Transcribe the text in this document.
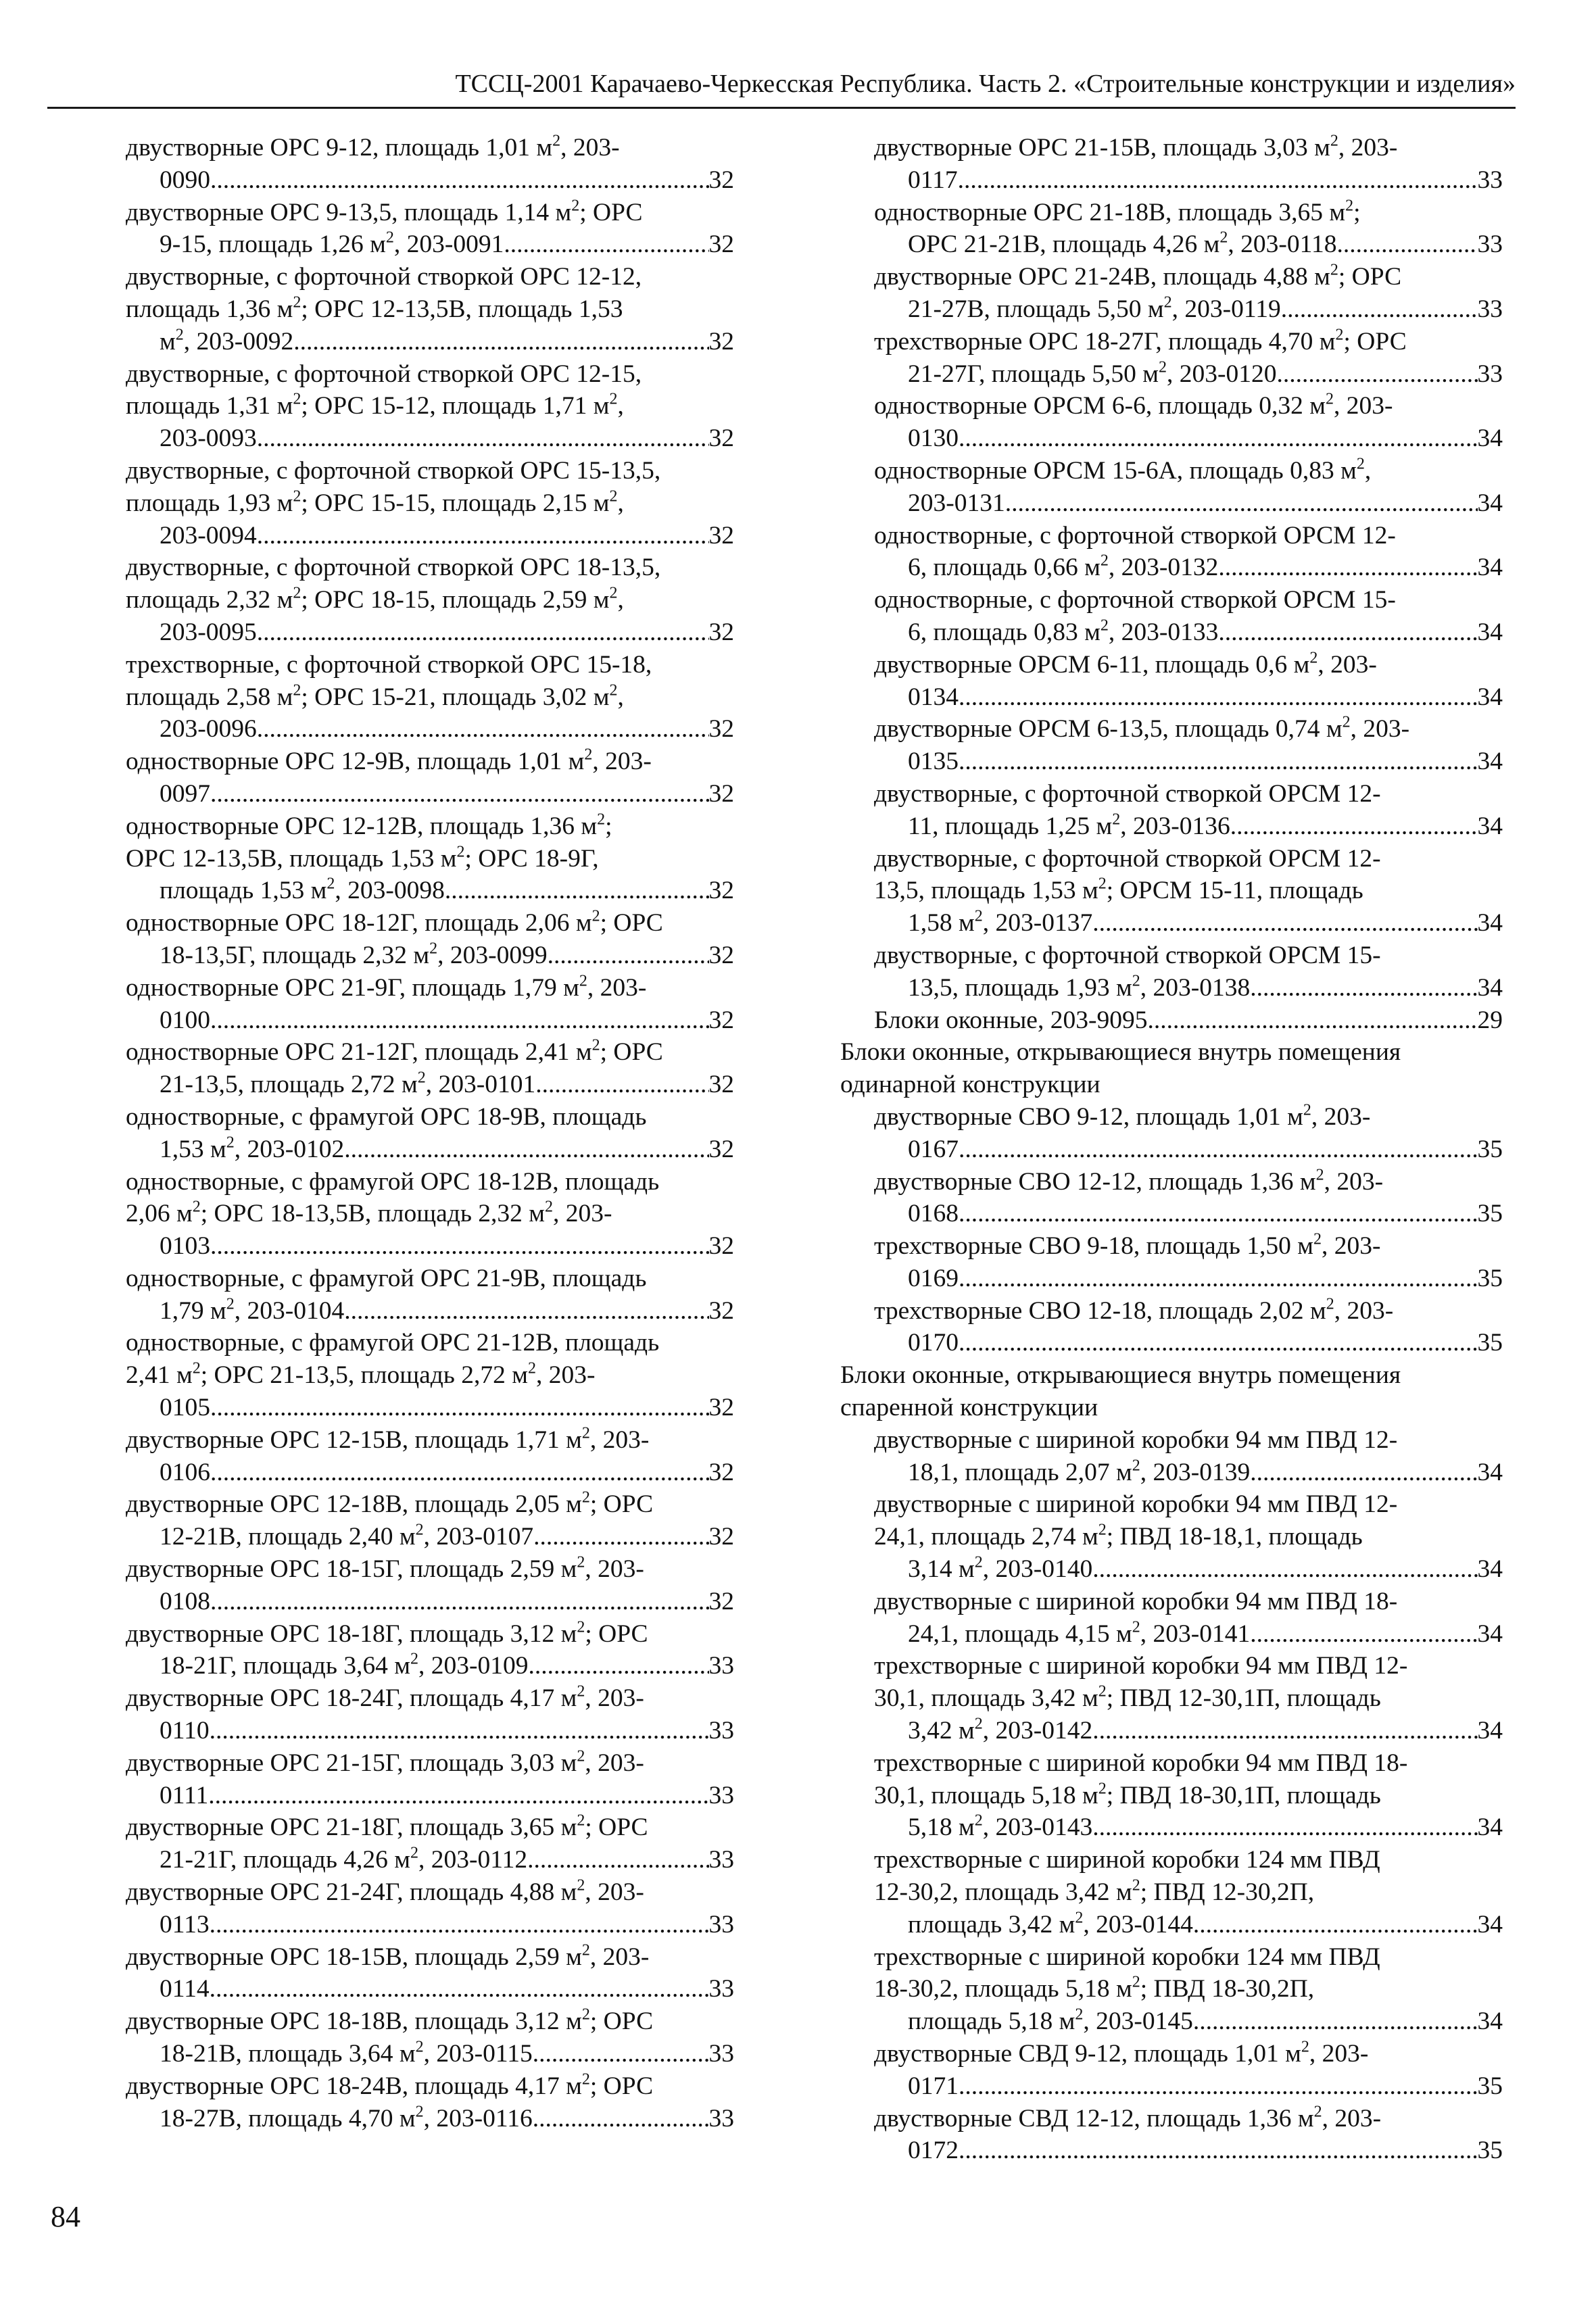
ТССЦ-2001 Карачаево-Черкесская Республика. Часть 2. «Строительные конструкции и изделия»
двустворные ОРС 9-12, площадь 1,01 $м^2$, 203-
0090 .....	32
двустворные ОРС 9-13,5, площадь 1,14 $м^2$; ОРС
9-15, площадь 1,26 $м^2$, 203-0091 .....	32
двустворные, с форточной створкой ОРС 12-12,
площадь 1,36 $м^2$; ОРС 12-13,5В, площадь 1,53
$м^2$, 203-0092 .....	32
двустворные, с форточной створкой ОРС 12-15,
площадь 1,31 $м^2$; ОРС 15-12, площадь 1,71 $м^2$,
203-0093 .....	32
двустворные, с форточной створкой ОРС 15-13,5,
площадь 1,93 $м^2$; ОРС 15-15, площадь 2,15 $м^2$,
203-0094 .....	32
двустворные, с форточной створкой ОРС 18-13,5,
площадь 2,32 $м^2$; ОРС 18-15, площадь 2,59 $м^2$,
203-0095 .....	32
трехстворные, с форточной створкой ОРС 15-18,
площадь 2,58 $м^2$; ОРС 15-21, площадь 3,02 $м^2$,
203-0096 .....	32
одностворные ОРС 12-9В, площадь 1,01 $м^2$, 203-
0097 .....	32
одностворные ОРС 12-12В, площадь 1,36 $м^2$;
ОРС 12-13,5В, площадь 1,53 $м^2$; ОРС 18-9Г,
площадь 1,53 $м^2$, 203-0098 .....	32
одностворные ОРС 18-12Г, площадь 2,06 $м^2$; ОРС
18-13,5Г, площадь 2,32 $м^2$, 203-0099 .....	32
одностворные ОРС 21-9Г, площадь 1,79 $м^2$, 203-
0100 .....	32
одностворные ОРС 21-12Г, площадь 2,41 $м^2$; ОРС
21-13,5, площадь 2,72 $м^2$, 203-0101 .....	32
одностворные, с фрамугой ОРС 18-9В, площадь
1,53 $м^2$, 203-0102 .....	32
одностворные, с фрамугой ОРС 18-12В, площадь
2,06 $м^2$; ОРС 18-13,5В, площадь 2,32 $м^2$, 203-
0103 .....	32
одностворные, с фрамугой ОРС 21-9В, площадь
1,79 $м^2$, 203-0104 .....	32
одностворные, с фрамугой ОРС 21-12В, площадь
2,41 $м^2$; ОРС 21-13,5, площадь 2,72 $м^2$, 203-
0105 .....	32
двустворные ОРС 12-15В, площадь 1,71 $м^2$, 203-
0106 .....	32
двустворные ОРС 12-18В, площадь 2,05 $м^2$; ОРС
12-21В, площадь 2,40 $м^2$, 203-0107 .....	32
двустворные ОРС 18-15Г, площадь 2,59 $м^2$, 203-
0108 .....	32
двустворные ОРС 18-18Г, площадь 3,12 $м^2$; ОРС
18-21Г, площадь 3,64 $м^2$, 203-0109 .....	33
двустворные ОРС 18-24Г, площадь 4,17 $м^2$, 203-
0110 .....	33
двустворные ОРС 21-15Г, площадь 3,03 $м^2$, 203-
0111 .....	33
двустворные ОРС 21-18Г, площадь 3,65 $м^2$; ОРС
21-21Г, площадь 4,26 $м^2$, 203-0112 .....	33
двустворные ОРС 21-24Г, площадь 4,88 $м^2$, 203-
0113 .....	33
двустворные ОРС 18-15В, площадь 2,59 $м^2$, 203-
0114 .....	33
двустворные ОРС 18-18В, площадь 3,12 $м^2$; ОРС
18-21В, площадь 3,64 $м^2$, 203-0115 .....	33
двустворные ОРС 18-24В, площадь 4,17 $м^2$; ОРС
18-27В, площадь 4,70 $м^2$, 203-0116 .....	33
двустворные ОРС 21-15В, площадь 3,03 $м^2$, 203-
0117 .....	33
одностворные ОРС 21-18В, площадь 3,65 $м^2$;
ОРС 21-21В, площадь 4,26 $м^2$, 203-0118 .....	33
двустворные ОРС 21-24В, площадь 4,88 $м^2$; ОРС
21-27В, площадь 5,50 $м^2$, 203-0119 .....	33
трехстворные ОРС 18-27Г, площадь 4,70 $м^2$; ОРС
21-27Г, площадь 5,50 $м^2$, 203-0120 .....	33
одностворные ОРСМ 6-6, площадь 0,32 $м^2$, 203-
0130 .....	34
одностворные ОРСМ 15-6А, площадь 0,83 $м^2$,
203-0131 .....	34
одностворные, с форточной створкой ОРСМ 12-
6, площадь 0,66 $м^2$, 203-0132 .....	34
одностворные, с форточной створкой ОРСМ 15-
6, площадь 0,83 $м^2$, 203-0133 .....	34
двустворные ОРСМ 6-11, площадь 0,6 $м^2$, 203-
0134 .....	34
двустворные ОРСМ 6-13,5, площадь 0,74 $м^2$, 203-
0135 .....	34
двустворные, с форточной створкой ОРСМ 12-
11, площадь 1,25 $м^2$, 203-0136 .....	34
двустворные, с форточной створкой ОРСМ 12-
13,5, площадь 1,53 $м^2$; ОРСМ 15-11, площадь
1,58 $м^2$, 203-0137 .....	34
двустворные, с форточной створкой ОРСМ 15-
13,5, площадь 1,93 $м^2$, 203-0138 .....	34
Блоки оконные, 203-9095 .....	29
Блоки оконные, открывающиеся внутрь помещения
одинарной конструкции
двустворные СВО 9-12, площадь 1,01 $м^2$, 203-
0167 .....	35
двустворные СВО 12-12, площадь 1,36 $м^2$, 203-
0168 .....	35
трехстворные СВО 9-18, площадь 1,50 $м^2$, 203-
0169 .....	35
трехстворные СВО 12-18, площадь 2,02 $м^2$, 203-
0170 .....	35
Блоки оконные, открывающиеся внутрь помещения
спаренной конструкции
двустворные с шириной коробки 94 мм ПВД 12-
18,1, площадь 2,07 $м^2$, 203-0139 .....	34
двустворные с шириной коробки 94 мм ПВД 12-
24,1, площадь 2,74 $м^2$; ПВД 18-18,1, площадь
3,14 $м^2$, 203-0140 .....	34
двустворные с шириной коробки 94 мм ПВД 18-
24,1, площадь 4,15 $м^2$, 203-0141 .....	34
трехстворные с шириной коробки 94 мм ПВД 12-
30,1, площадь 3,42 $м^2$; ПВД 12-30,1П, площадь
3,42 $м^2$, 203-0142 .....	34
трехстворные с шириной коробки 94 мм ПВД 18-
30,1, площадь 5,18 $м^2$; ПВД 18-30,1П, площадь
5,18 $м^2$, 203-0143 .....	34
трехстворные с шириной коробки 124 мм ПВД
12-30,2, площадь 3,42 $м^2$; ПВД 12-30,2П,
площадь 3,42 $м^2$, 203-0144 .....	34
трехстворные с шириной коробки 124 мм ПВД
18-30,2, площадь 5,18 $м^2$; ПВД 18-30,2П,
площадь 5,18 $м^2$, 203-0145 .....	34
двустворные СВД 9-12, площадь 1,01 $м^2$, 203-
0171 .....	35
двустворные СВД 12-12, площадь 1,36 $м^2$, 203-
0172 .....	35
84
